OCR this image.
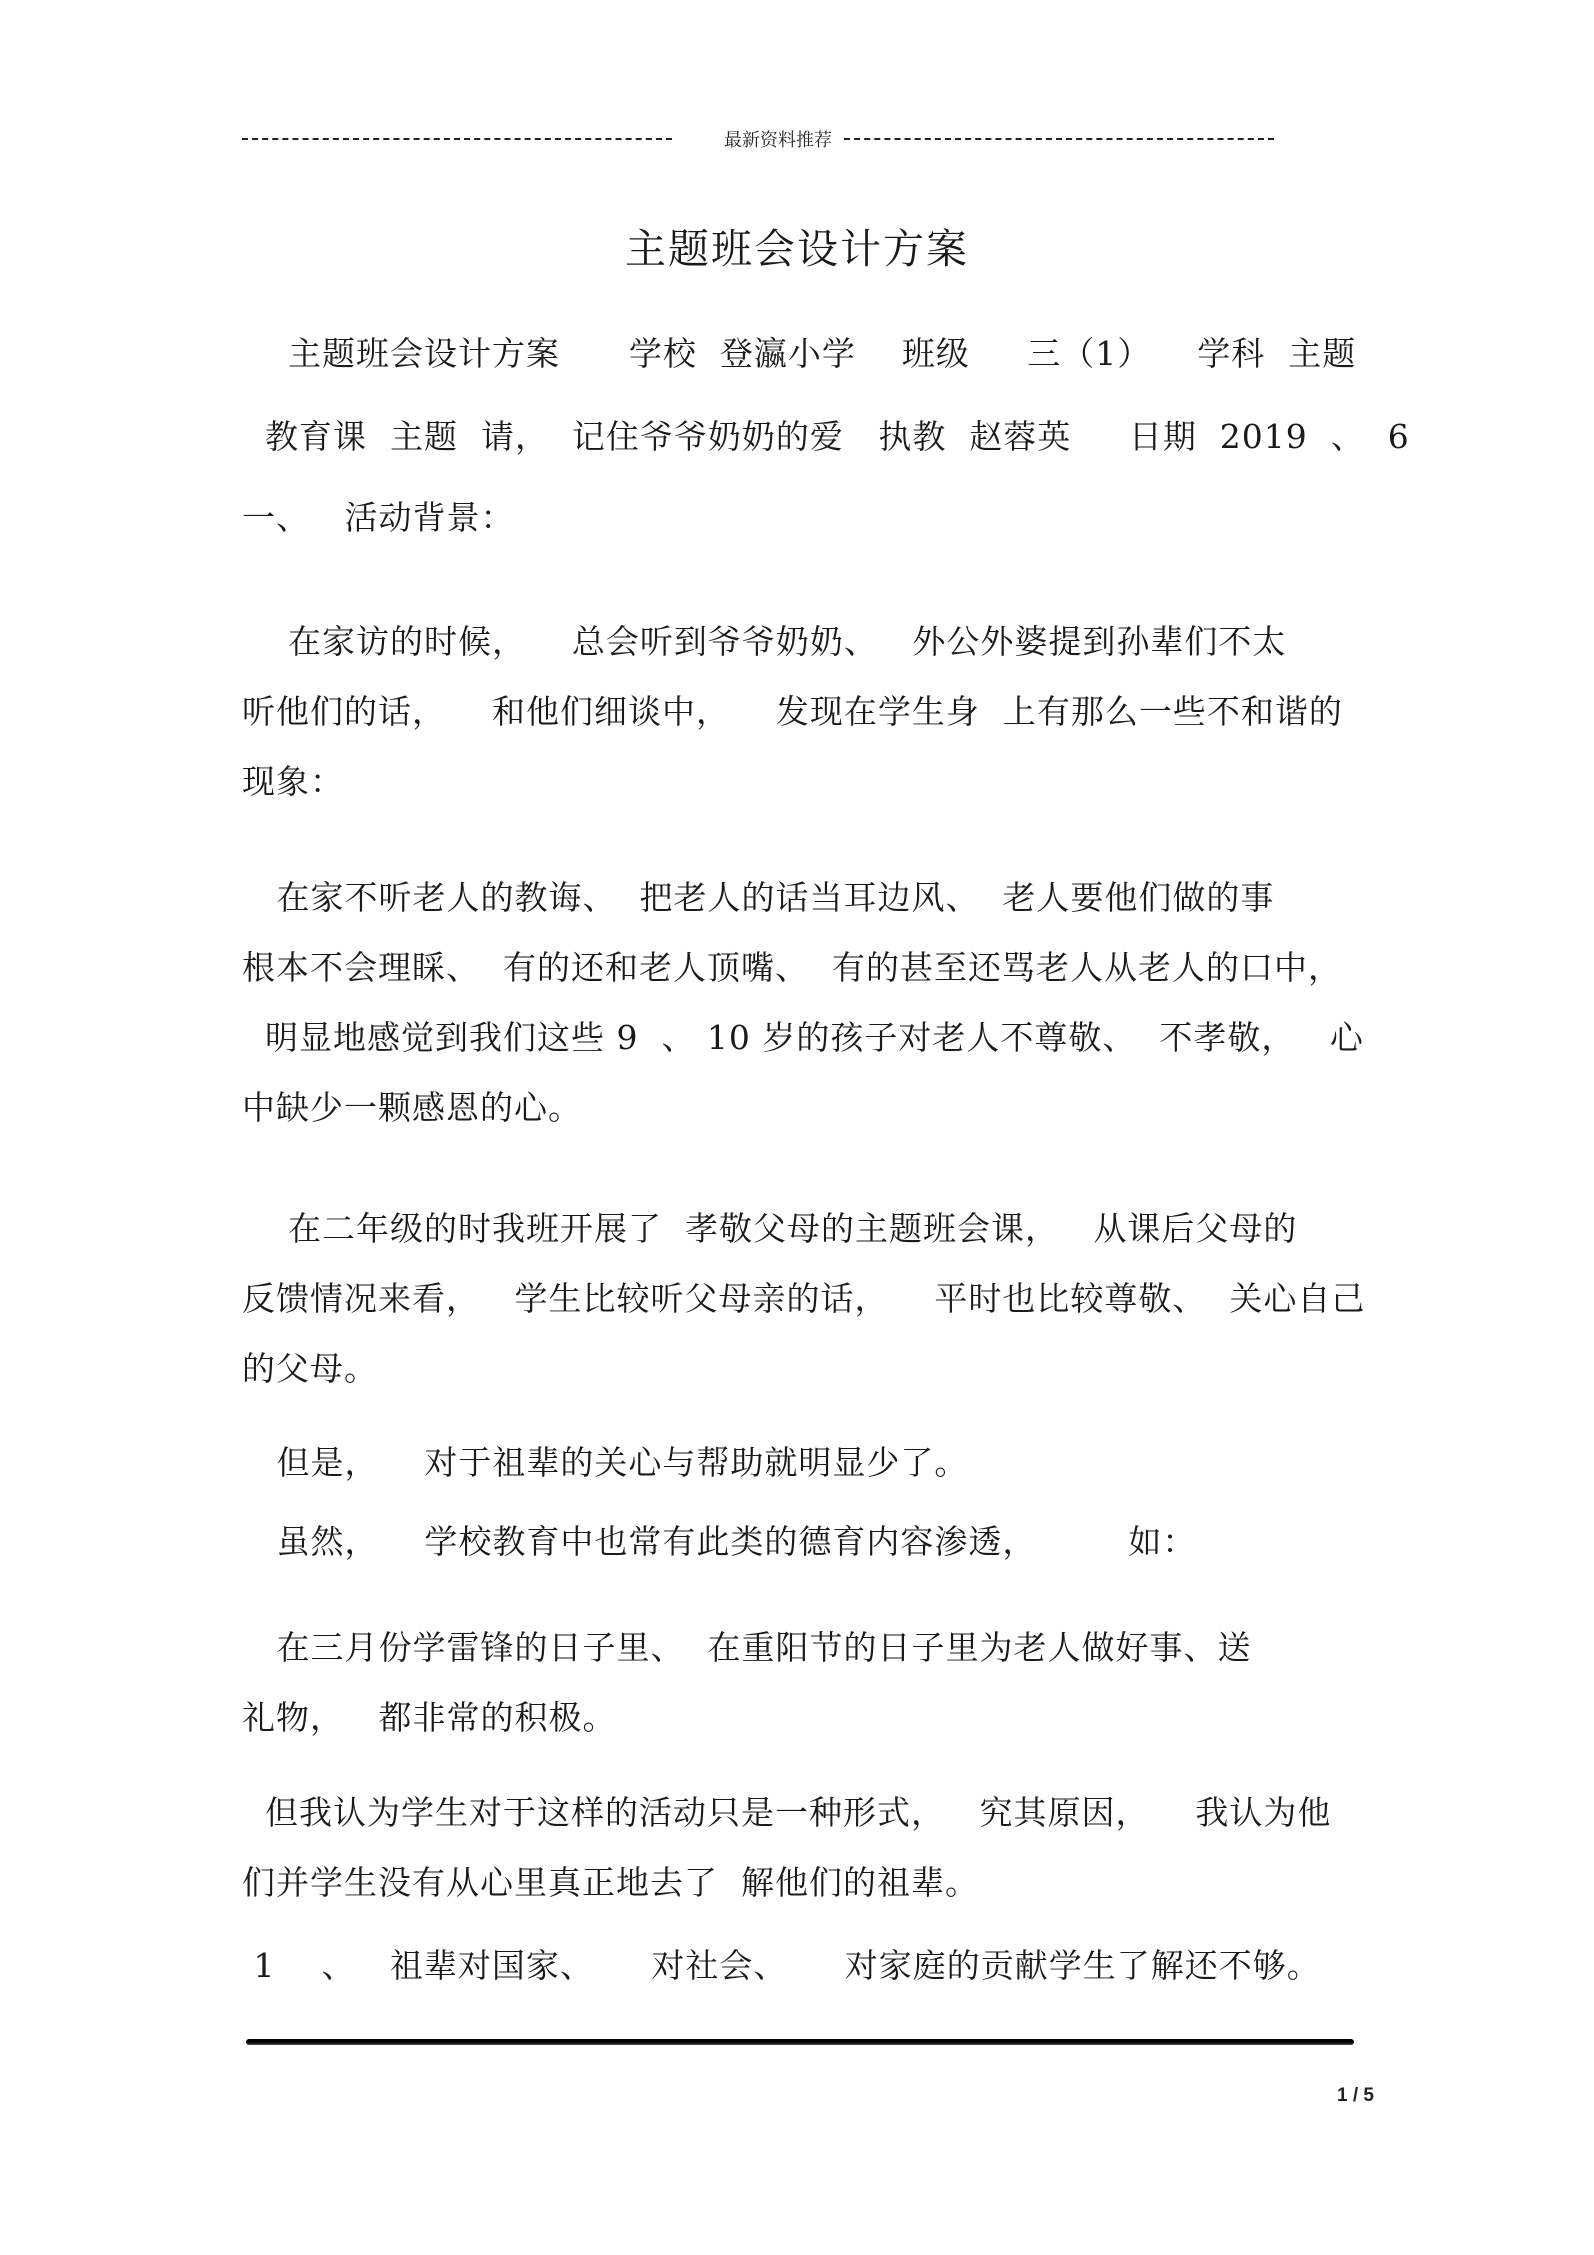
最新资料推荐
主题班会设计方案
主题班会设计方案      学校  登瀛小学    班级     三（1）    学科  主题
教育课  主题  请，  记住爷爷奶奶的爱   执教  赵蓉英     日期  2019  、  6
一、   活动背景：
在家访的时候，    总会听到爷爷奶奶、   外公外婆提到孙辈们不太
听他们的话，    和他们细谈中，    发现在学生身  上有那么一些不和谐的
现象：
在家不听老人的教诲、  把老人的话当耳边风、  老人要他们做的事
根本不会理睬、  有的还和老人顶嘴、  有的甚至还骂老人从老人的口中，
明显地感觉到我们这些 9  、 10 岁的孩子对老人不尊敬、  不孝敬，   心
中缺少一颗感恩的心。
在二年级的时我班开展了  孝敬父母的主题班会课，   从课后父母的
反馈情况来看，   学生比较听父母亲的话，    平时也比较尊敬、  关心自己
的父母。
但是，    对于祖辈的关心与帮助就明显少了。
虽然，    学校教育中也常有此类的德育内容渗透，        如：
在三月份学雷锋的日子里、  在重阳节的日子里为老人做好事、送
礼物，   都非常的积极。
但我认为学生对于这样的活动只是一种形式，   究其原因，    我认为他
们并学生没有从心里真正地去了  解他们的祖辈。
1    、   祖辈对国家、     对社会、     对家庭的贡献学生了解还不够。
1 / 5
